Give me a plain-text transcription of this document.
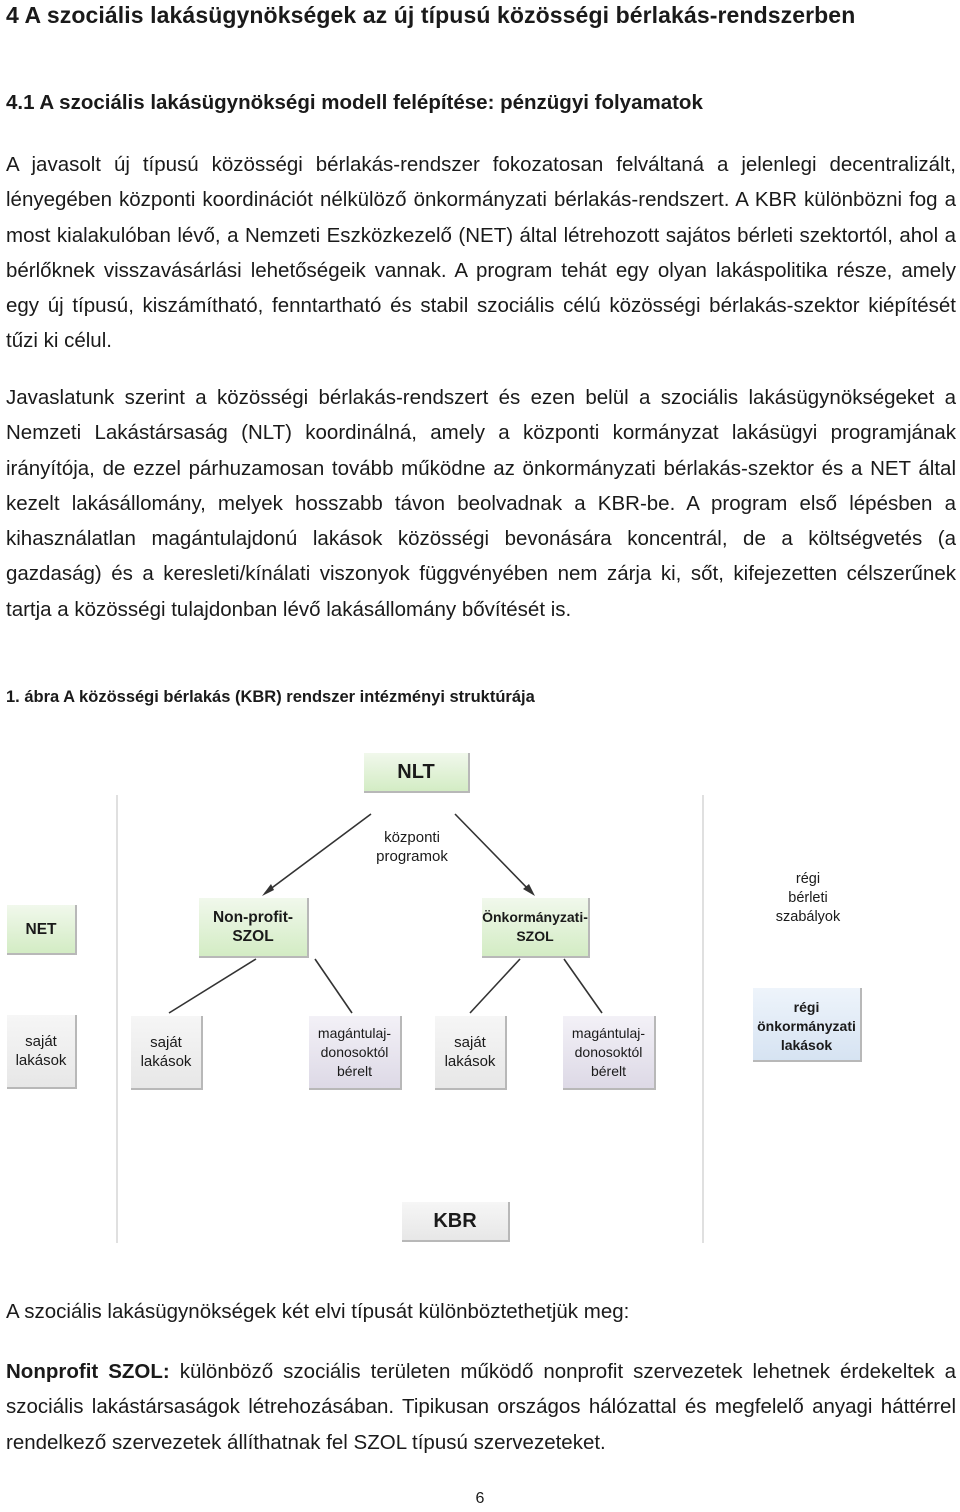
4 A szociális lakásügynökségek az új típusú közösségi bérlakás-rendszerben
4.1 A szociális lakásügynökségi modell felépítése: pénzügyi folyamatok

A javasolt új típusú közösségi bérlakás-rendszer fokozatosan felváltaná a jelenlegi decentralizált, lényegében központi koordinációt nélkülöző önkormányzati bérlakás-rendszert. A KBR különbözni fog a most kialakulóban lévő, a Nemzeti Eszközkezelő (NET) által létrehozott sajátos bérleti szektortól, ahol a bérlőknek visszavásárlási lehetőségeik vannak. A program tehát egy olyan lakáspolitika része, amely egy új típusú, kiszámítható, fenntartható és stabil szociális célú közösségi bérlakás-szektor kiépítését tűzi ki célul.

Javaslatunk szerint a közösségi bérlakás-rendszert és ezen belül a szociális lakásügynökségeket a Nemzeti Lakástársaság (NLT) koordinálná, amely a központi kormányzat lakásügyi programjának irányítója, de ezzel párhuzamosan tovább működne az önkormányzati bérlakás-szektor és a NET által kezelt lakásállomány, melyek hosszabb távon beolvadnak a KBR-be. A program első lépésben a kihasználatlan magántulajdonú lakások közösségi bevonására koncentrál, de a költségvetés (a gazdaság) és a keresleti/kínálati viszonyok függvényében nem zárja ki, sőt, kifejezetten célszerűnek tartja a közösségi tulajdonban lévő lakásállomány bővítését is.

1. ábra A közösségi bérlakás (KBR) rendszer intézményi struktúrája
NLT
központi
programok
NET
Non-profit-
SZOL
Önkormányzati-
SZOL
régi
bérleti
szabályok
saját
lakások
saját
lakások
magántulaj-
donosoktól
bérelt
saját
lakások
magántulaj-
donosoktól
bérelt
régi
önkormányzati
lakások
KBR
A szociális lakásügynökségek két elvi típusát különböztethetjük meg:

Nonprofit SZOL: különböző szociális területen működő nonprofit szervezetek lehetnek érdekeltek a szociális lakástársaságok létrehozásában. Tipikusan országos hálózattal és megfelelő anyagi háttérrel rendelkező szervezetek állíthatnak fel SZOL típusú szervezeteket.

6
